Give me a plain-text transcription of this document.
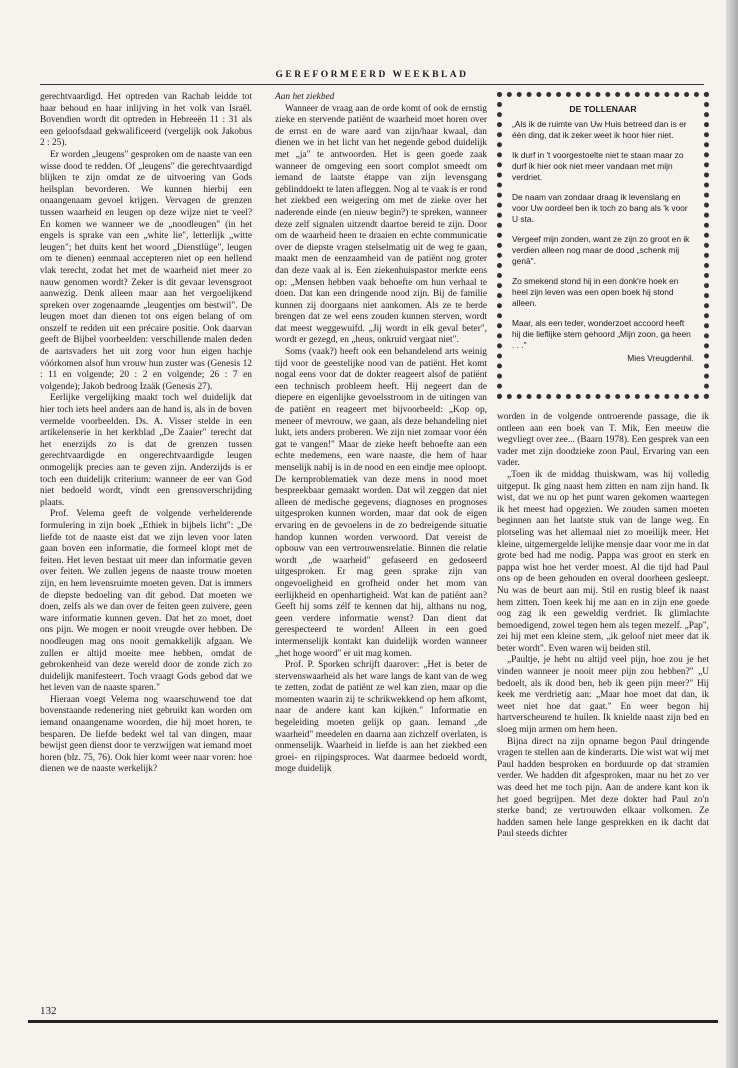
GEREFORMEERD WEEKBLAD

gerechtvaardigd. Het optreden van Rachab leidde tot haar behoud en haar inlijving in het volk van Israël. Bovendien wordt dit optreden in Hebreeën 11 : 31 als een geloofsdaad gekwalificeerd (vergelijk ook Jakobus 2 : 25).

Er worden „leugens" gesproken om de naaste van een wisse dood te redden. Of „leugens" die gerechtvaardigd blijken te zijn omdat ze de uitvoering van Gods heilsplan bevorderen. We kunnen hierbij een onaangenaam gevoel krijgen. Vervagen de grenzen tussen waarheid en leugen op deze wijze niet te veel? En komen we wanneer we de „noodleugen" (in het engels is sprake van een „white lie", letterlijk „witte leugen"; het duits kent het woord „Dienstlüge", leugen om te dienen) eenmaal accepteren niet op een hellend vlak terecht, zodat het met de waarheid niet meer zo nauw genomen wordt? Zeker is dit gevaar levensgroot aanwezig. Denk alleen maar aan het vergoelijkend spreken over zogenaamde „leugentjes om bestwil". De leugen moet dan dienen tot ons eigen belang of om onszelf te redden uit een précaire positie. Ook daarvan geeft de Bijbel voorbeelden: verschillende malen deden de aartsvaders het uit zorg voor hun eigen hachje vóórkomen alsof hun vrouw hun zuster was (Genesis 12 : 11 en volgende; 20 : 2 en volgende; 26 : 7 en volgende); Jakob bedroog Izaäk (Genesis 27).

Eerlijke vergelijking maakt toch wel duidelijk dat hier toch iets heel anders aan de hand is, als in de boven vermelde voorbeelden. Ds. A. Visser stelde in een artikelenserie in het kerkblad „De Zaaier" terecht dat het enerzijds zo is dat de grenzen tussen gerechtvaardigde en ongerechtvaardigde leugen onmogelijk precies aan te geven zijn. Anderzijds is er toch een duidelijk criterium: wanneer de eer van God niet bedoeld wordt, vindt een grensoverschrijding plaats.

Prof. Velema geeft de volgende verhelderende formulering in zijn boek „Ethiek in bijbels licht": „De liefde tot de naaste eist dat we zijn leven voor laten gaan boven een informatie, die formeel klopt met de feiten. Het leven bestaat uit meer dan informatie geven over feiten. We zullen jegens de naaste trouw moeten zijn, en hem levensruimte moeten geven. Dat is immers de diepste bedoeling van dit gebod. Dat moeten we doen, zelfs als we dan over de feiten geen zuivere, geen ware informatie kunnen geven. Dat het zo moet, doet ons pijn. We mogen er nooit vreugde over hebben. De noodleugen mag ons nooit gemakkelijk afgaan. We zullen er altijd moeite mee hebben, omdat de gebrokenheid van deze wereld door de zonde zich zo duidelijk manifesteert. Toch vraagt Gods gebod dat we het leven van de naaste sparen."

Hieraan voegt Velema nog waarschuwend toe dat bovenstaande redenering niet gebruikt kan worden om iemand onaangename woorden, die hij moet horen, te besparen. De liefde bedekt wel tal van dingen, maar bewijst geen dienst door te verzwijgen wat iemand moet horen (blz. 75, 76). Ook hier komt weer naar voren: hoe dienen we de naaste werkelijk?

Aan het ziekbed

Wanneer de vraag aan de orde komt of ook de ernstig zieke en stervende patiënt de waarheid moet horen over de ernst en de ware aard van zijn/haar kwaal, dan dienen we in het licht van het negende gebod duidelijk met „ja" te antwoorden. Het is geen goede zaak wanneer de omgeving een soort complot smeedt om iemand de laatste étappe van zijn levensgang geblinddoekt te laten afleggen. Nog al te vaak is er rond het ziekbed een weigering om met de zieke over het naderende einde (en nieuw begin?) te spreken, wanneer deze zelf signalen uitzendt daartoe bereid te zijn. Door om de waarheid heen te draaien en echte communicatie over de diepste vragen stelselmatig uit de weg te gaan, maakt men de eenzaamheid van de patiënt nog groter dan deze vaak al is. Een ziekenhuispastor merkte eens op: „Mensen hebben vaak behoefte om hun verhaal te doen. Dat kan een dringende nood zijn. Bij de familie kunnen zij doorgaans niet aankomen. Als ze te berde brengen dat ze wel eens zouden kunnen sterven, wordt dat meest weggewuifd. „Jij wordt in elk geval beter", wordt er gezegd, en „heus, onkruid vergaat niet".

Soms (vaak?) heeft ook een behandelend arts weinig tijd voor de geestelijke nood van de patiënt. Het komt nogal eens voor dat de dokter reageert alsof de patiënt een technisch probleem heeft. Hij negeert dan de diepere en eigenlijke gevoelsstroom in de uitingen van de patiënt en reageert met bijvoorbeeld: „Kop op, meneer of mevrouw, we gaan, als deze behandeling niet lukt, iets anders proberen. We zijn niet zomaar voor één gat te vangen!" Maar de zieke heeft behoefte aan een echte medemens, een ware naaste, die hem of haar menselijk nabij is in de nood en een eindje mee oploopt. De kernproblematiek van deze mens in nood moet bespreekbaar gemaakt worden. Dat wil zeggen dat niet alleen de medische gegevens, diagnoses en prognoses uitgesproken kunnen worden, maar dat ook de eigen ervaring en de gevoelens in de zo bedreigende situatie handop kunnen worden verwoord. Dat vereist de opbouw van een vertrouwensrelatie. Binnen die relatie wordt „de waarheid" gefaseerd en gedoseerd uitgesproken. Er mag geen sprake zijn van ongevoeligheid en grofheid onder het mom van eerlijkheid en openhartigheid. Wat kan de patiënt aan? Geeft hij soms zélf te kennen dat hij, althans nu nog, geen verdere informatie wenst? Dan dient dat gerespecteerd te worden! Alleen in een goed intermenselijk kontakt kan duidelijk worden wanneer „het hoge woord" er uit mag komen.

Prof. P. Sporken schrijft daarover: „Het is beter de stervenswaarheid als het ware langs de kant van de weg te zetten, zodat de patiënt ze wel kan zien, maar op die momenten waarin zij te schrikwekkend op hem afkomt, naar de andere kant kan kijken." Informatie en begeleiding moeten gelijk op gaan. Iemand „de waarheid" meedelen en daarna aan zichzelf overlaten, is onmenselijk. Waarheid in liefde is aan het ziekbed een groei- en rijpingsproces. Wat daarmee bedoeld wordt, moge duidelijk

DE TOLLENAAR

„Als ik de ruimte van Uw Huis betreed dan is er één ding, dat ik zeker weet ik hoor hier niet.

Ik durf in 't voorgestoelte niet te staan maar zo durf ik hier ook niet meer vandaan met mijn verdriet.

De naam van zondaar draag ik levenslang en voor Uw oordeel ben ik toch zo bang als 'k voor U sta.

Vergeef mijn zonden, want ze zijn zo groot en ik verdien alleen nog maar de dood „schenk mij genā".

Zo smekend stond hij in een donk're hoek en heel zijn leven was een open boek hij stond alleen.

Maar, als een teder, wonderzoet accoord heeft hij die lieflijke stem gehoord „Mijn zoon, ga heen . . ."

Mies Vreugdenhil.

worden in de volgende ontroerende passage, die ik ontleen aan een boek van T. Mik, Een meeuw die wegvliegt over zee... (Baarn 1978). Een gesprek van een vader met zijn doodzieke zoon Paul, Ervaring van een vader.

„Toen ik de middag thuiskwam, was hij volledig uitgeput. Ik ging naast hem zitten en nam zijn hand. Ik wist, dat we nu op het punt waren gekomen waartegen ik het meest had opgezien. We zouden samen moeten beginnen aan het laatste stuk van de lange weg. En plotseling was het allemaal niet zo moeilijk meer. Het kleine, uitgemergelde lelijke mensje daar voor me in dat grote bed had me nodig. Pappa was groot en sterk en pappa wist hoe het verder moest. Al die tijd had Paul ons op de been gehouden en overal doorheen gesleept. Nu was de beurt aan mij. Stil en rustig bleef ik naast hem zitten. Toen keek hij me aan en in zijn ene goede oog zag ik een geweldig verdriet. Ik glimlachte bemoedigend, zowel tegen hem als tegen mezelf. „Pap", zei hij met een kleine stem, „ik geloof niet meer dat ik beter wordt". Even waren wij beiden stil.

„Paultje, je hebt nu altijd veel pijn, hoe zou je het vinden wanneer je nooit meer pijn zou hebben?" „U bedoelt, als ik dood ben, heb ik geen pijn meer?" Hij keek me verdrietig aan: „Maar hoe moet dat dan, ik weet niet hoe dat gaat." En weer begon hij hartverscheurend te huilen. Ik knielde naast zijn bed en sloeg mijn armen om hem heen.

Bijna direct na zijn opname begon Paul dringende vragen te stellen aan de kinderarts. Die wist wat wij met Paul hadden besproken en borduurde op dat stramien verder. We hadden dit afgesproken, maar nu het zo ver was deed het me toch pijn. Aan de andere kant kon ik het goed begrijpen. Met deze dokter had Paul zo'n sterke band; ze vertrouwden elkaar volkomen. Ze hadden samen hele lange gesprekken en ik dacht dat Paul steeds dichter

132
